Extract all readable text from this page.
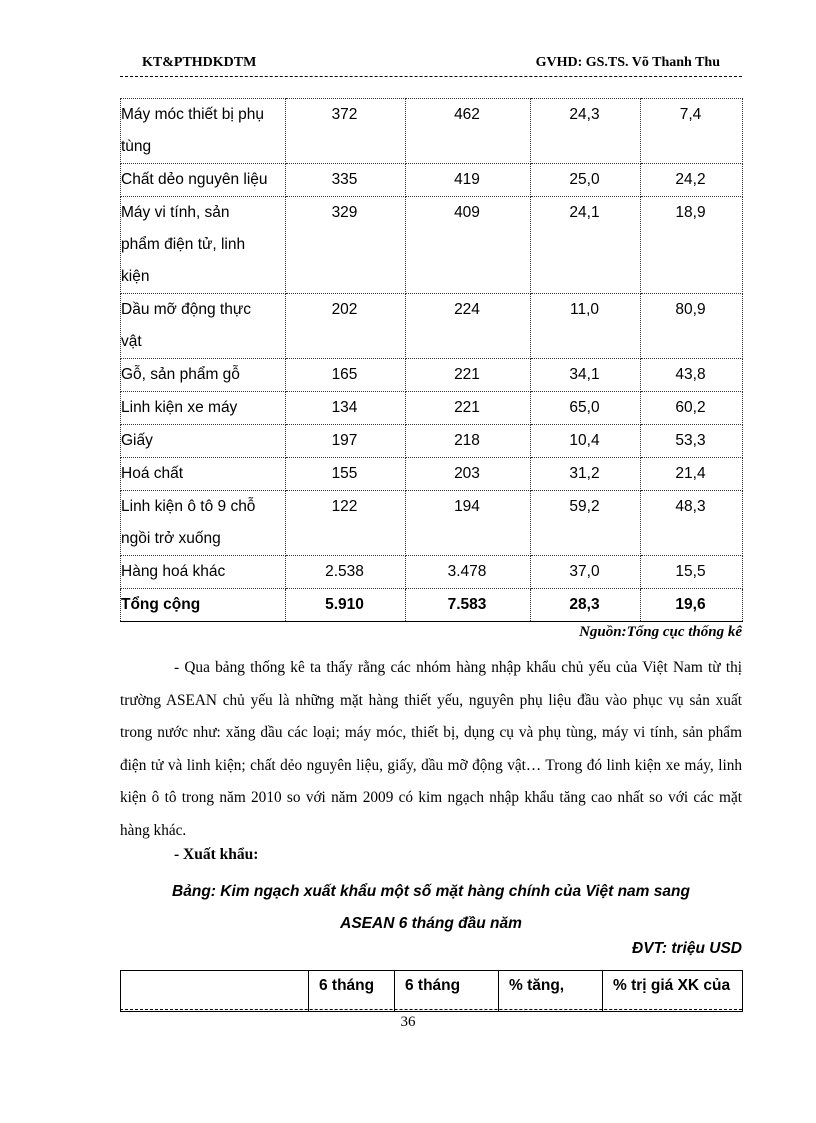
KT&PTHDKDTM	GVHD: GS.TS. Võ Thanh Thu
Máy móc thiết bị phụ
tùng	372	462	24,3	7,4

Chất dẻo nguyên liệu	335	419	25,0	24,2

Máy vi tính, sản
phẩm điện tử, linh
kiện	329	409	24,1	18,9

Dầu mỡ động thực
vật	202	224	11,0	80,9

Gỗ, sản phẩm gỗ	165	221	34,1	43,8

Linh kiện xe máy	134	221	65,0	60,2

Giấy	197	218	10,4	53,3

Hoá chất	155	203	31,2	21,4

Linh kiện ô tô 9 chỗ
ngồi trở xuống	122	194	59,2	48,3

Hàng hoá khác	2.538	3.478	37,0	15,5
Tổng cộng	5.910	7.583	28,3	19,6
Nguồn:Tổng cục thống kê

- Qua bảng thống kê ta thấy rằng các nhóm hàng nhập khẩu chủ yếu của Việt Nam từ thị trường ASEAN chủ yếu là những mặt hàng thiết yếu, nguyên phụ liệu đầu vào phục vụ sản xuất trong nước như: xăng dầu các loại; máy móc, thiết bị, dụng cụ và phụ tùng, máy vi tính, sản phẩm điện tử và linh kiện; chất dẻo nguyên liệu, giấy, dầu mỡ động vật… Trong đó linh kiện xe máy, linh kiện ô tô trong năm 2010 so với năm 2009 có kim ngạch nhập khẩu tăng cao nhất so với các mặt hàng khác.

- Xuất khẩu:
Bảng: Kim ngạch xuất khẩu một số mặt hàng chính của Việt nam sang
ASEAN 6 tháng đầu năm
ĐVT: triệu USD
	6 tháng	6 tháng	% tăng,	% trị giá XK của
36
